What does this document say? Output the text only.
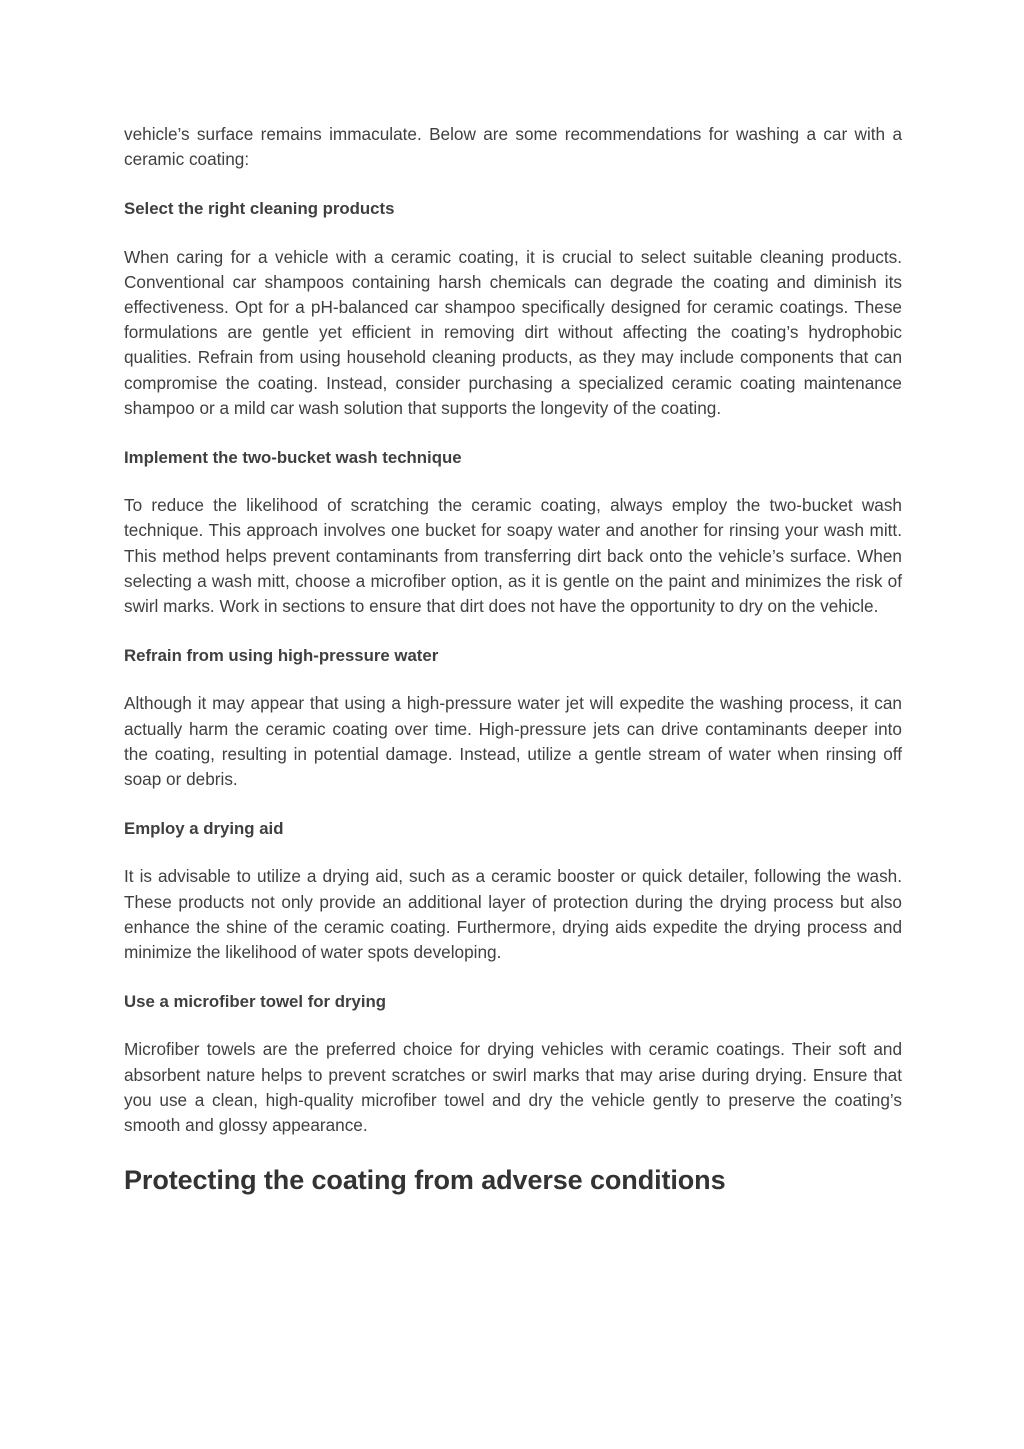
vehicle’s surface remains immaculate. Below are some recommendations for washing a car with a ceramic coating:

Select the right cleaning products

When caring for a vehicle with a ceramic coating, it is crucial to select suitable cleaning products. Conventional car shampoos containing harsh chemicals can degrade the coating and diminish its effectiveness. Opt for a pH-balanced car shampoo specifically designed for ceramic coatings. These formulations are gentle yet efficient in removing dirt without affecting the coating’s hydrophobic qualities. Refrain from using household cleaning products, as they may include components that can compromise the coating. Instead, consider purchasing a specialized ceramic coating maintenance shampoo or a mild car wash solution that supports the longevity of the coating.

Implement the two-bucket wash technique

To reduce the likelihood of scratching the ceramic coating, always employ the two-bucket wash technique. This approach involves one bucket for soapy water and another for rinsing your wash mitt. This method helps prevent contaminants from transferring dirt back onto the vehicle’s surface. When selecting a wash mitt, choose a microfiber option, as it is gentle on the paint and minimizes the risk of swirl marks. Work in sections to ensure that dirt does not have the opportunity to dry on the vehicle.

Refrain from using high-pressure water

Although it may appear that using a high-pressure water jet will expedite the washing process, it can actually harm the ceramic coating over time. High-pressure jets can drive contaminants deeper into the coating, resulting in potential damage. Instead, utilize a gentle stream of water when rinsing off soap or debris.

Employ a drying aid

It is advisable to utilize a drying aid, such as a ceramic booster or quick detailer, following the wash. These products not only provide an additional layer of protection during the drying process but also enhance the shine of the ceramic coating. Furthermore, drying aids expedite the drying process and minimize the likelihood of water spots developing.

Use a microfiber towel for drying

Microfiber towels are the preferred choice for drying vehicles with ceramic coatings. Their soft and absorbent nature helps to prevent scratches or swirl marks that may arise during drying. Ensure that you use a clean, high-quality microfiber towel and dry the vehicle gently to preserve the coating’s smooth and glossy appearance.

Protecting the coating from adverse conditions
